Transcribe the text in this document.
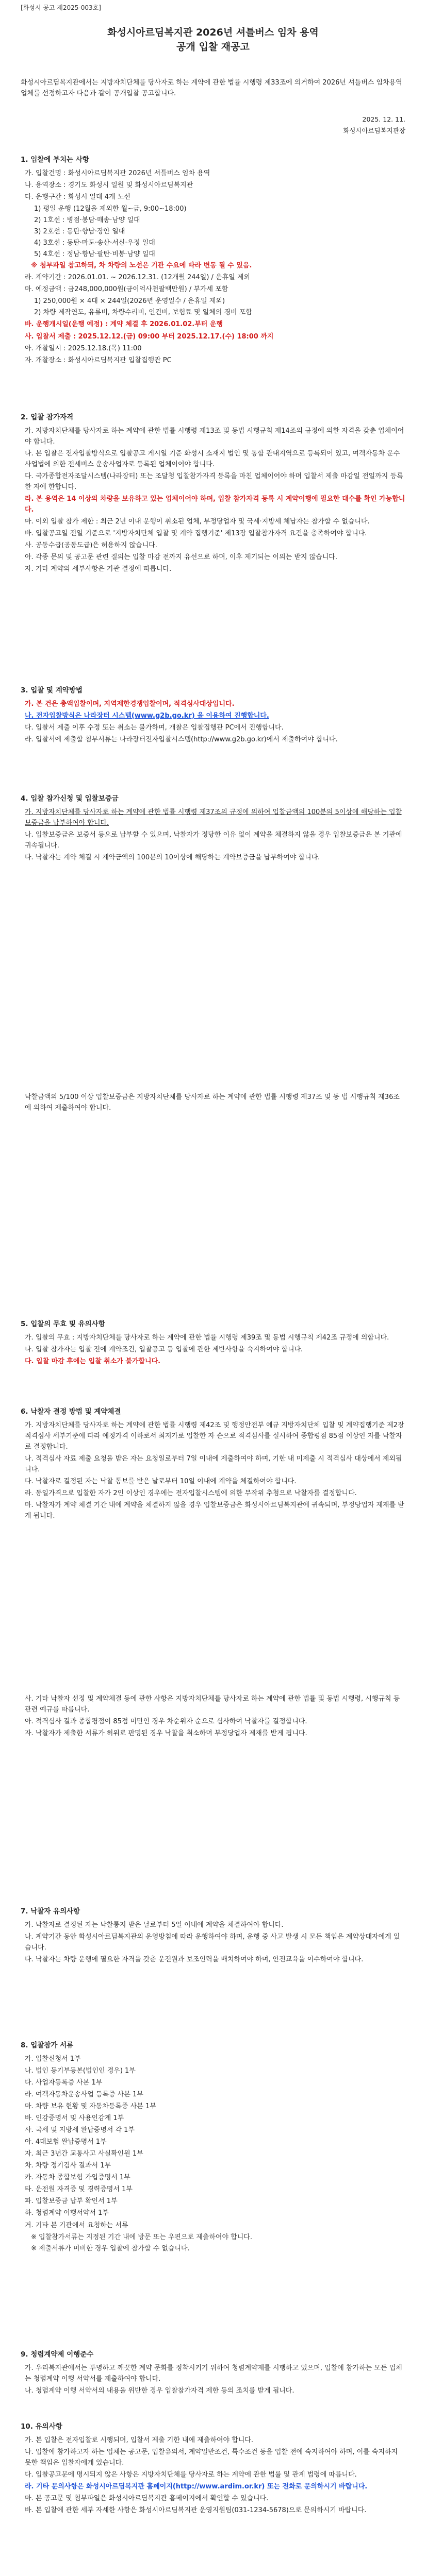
[화성시 공고 제2025-003호]

화성시아르딤복지관 2026년 셔틀버스 임차 용역

공개 입찰 재공고

화성시아르딤복지관에서는 지방자치단체를 당사자로 하는 계약에 관한 법률 시행령 제33조에 의거하여 2026년 셔틀버스 임차용역 업체를 선정하고자 다음과 같이 공개입찰 공고합니다.

2025. 12. 11.

화성시아르딤복지관장

1. 입찰에 부치는 사항

가. 입찰건명 : 화성시아르딤복지관 2026년 셔틀버스 임차 용역

나. 용역장소 : 경기도 화성시 일원 및 화성시아르딤복지관

다. 운행구간 : 화성시 일대 4개 노선

1) 평일 운행 (12월을 제외한 월~금, 9:00~18:00)

2) 1호선 : 병점·봉담·매송·남양 일대

3) 2호선 : 동탄·향남·장안 일대

4) 3호선 : 동탄·마도·송산·서신·우정 일대

5) 4호선 : 정남·향남·팔탄·비봉·남양 일대

※ 첨부파일 참고하되, 차 차량의 노선은 기관 수요에 따라 변동 될 수 있음.

라. 계약기간 : 2026.01.01. ~ 2026.12.31. (12개월 244일) / 운휴일 제외

마. 예정금액 : 금248,000,000원(금이억사천팔백만원) / 부가세 포함

1) 250,000원 × 4대 × 244일(2026년 운영일수 / 운휴일 제외)

2) 차량 제작연도, 유류비, 차량수리비, 인건비, 보험료 및 일체의 경비 포함

바. 운행개시일(운행 예정) : 계약 체결 후 2026.01.02.부터 운행

사. 입찰서 제출 : 2025.12.12.(금) 09:00 부터 2025.12.17.(수) 18:00 까지

아. 개찰일시 : 2025.12.18.(목) 11:00

자. 개찰장소 : 화성시아르딤복지관 입찰집행관 PC

2. 입찰 참가자격

가. 지방자치단체를 당사자로 하는 계약에 관한 법률 시행령 제13조 및 동법 시행규칙 제14조의 규정에 의한 자격을 갖춘 업체이어야 합니다.

나. 본 입찰은 전자입찰방식으로 입찰공고 게시일 기준 화성시 소재지 법인 및 통합 관내지역으로 등록되어 있고, 여객자동차 운수사업법에 의한 전세버스 운송사업자로 등록된 업체이어야 합니다.

다. 국가종합전자조달시스템(나라장터) 또는 조달청 입찰참가자격 등록을 마친 업체이어야 하며 입찰서 제출 마감일 전일까지 등록한 자에 한합니다.

라. 본 용역은 14 이상의 차량을 보유하고 있는 업체이어야 하며, 입찰 참가자격 등록 시 계약이행에 필요한 대수를 확인 가능합니다.

마. 이외 입찰 참가 제한 : 최근 2년 이내 운행이 취소된 업체, 부정당업자 및 국세·지방세 체납자는 참가할 수 없습니다.

바. 입찰공고일 전일 기준으로 '지방자치단체 입찰 및 계약 집행기준' 제13장 입찰참가자격 요건을 충족하여야 합니다.

사. 공동수급(공동도급)은 허용하지 않습니다.

아. 각종 문의 및 공고문 관련 질의는 입찰 마감 전까지 유선으로 하며, 이후 제기되는 이의는 받지 않습니다.

자. 기타 계약의 세부사항은 기관 결정에 따릅니다.

3. 입찰 및 계약방법

가. 본 건은 총액입찰이며, 지역제한경쟁입찰이며, 적격심사대상입니다.

나. 전자입찰방식은 나라장터 시스템(www.g2b.go.kr) 을 이용하여 진행합니다.

다. 입찰서 제출 이후 수정 또는 취소는 불가하며, 개찰은 입찰집행관 PC에서 진행합니다.

라. 입찰서에 제출할 첨부서류는 나라장터전자입찰시스템(http://www.g2b.go.kr)에서 제출하여야 합니다.

4. 입찰 참가신청 및 입찰보증금

가. 지방자치단체를 당사자로 하는 계약에 관한 법률 시행령 제37조의 규정에 의하여 입찰금액의 100분의 5이상에 해당하는 입찰보증금을 납부하여야 합니다.

나. 입찰보증금은 보증서 등으로 납부할 수 있으며, 낙찰자가 정당한 이유 없이 계약을 체결하지 않을 경우 입찰보증금은 본 기관에 귀속됩니다.

다. 낙찰자는 계약 체결 시 계약금액의 100분의 10이상에 해당하는 계약보증금을 납부하여야 합니다.

낙찰금액의 5/100 이상 입찰보증금은 지방자치단체를 당사자로 하는 계약에 관한 법률 시행령 제37조 및 동 법 시행규칙 제36조에 의하여 제출하여야 합니다.

5. 입찰의 무효 및 유의사항

가. 입찰의 무효 : 지방자치단체를 당사자로 하는 계약에 관한 법률 시행령 제39조 및 동법 시행규칙 제42조 규정에 의합니다.

나. 입찰 참가자는 입찰 전에 계약조건, 입찰공고 등 입찰에 관한 제반사항을 숙지하여야 합니다.

다. 입찰 마감 후에는 입찰 취소가 불가합니다.

6. 낙찰자 결정 방법 및 계약체결

가. 지방자치단체를 당사자로 하는 계약에 관한 법률 시행령 제42조 및 행정안전부 예규 지방자치단체 입찰 및 계약집행기준 제2장 적격심사 세부기준에 따라 예정가격 이하로서 최저가로 입찰한 자 순으로 적격심사를 실시하여 종합평점 85점 이상인 자를 낙찰자로 결정합니다.

나. 적격심사 자료 제출 요청을 받은 자는 요청일로부터 7일 이내에 제출하여야 하며, 기한 내 미제출 시 적격심사 대상에서 제외됩니다.

다. 낙찰자로 결정된 자는 낙찰 통보를 받은 날로부터 10일 이내에 계약을 체결하여야 합니다.

라. 동일가격으로 입찰한 자가 2인 이상인 경우에는 전자입찰시스템에 의한 무작위 추첨으로 낙찰자를 결정합니다.

마. 낙찰자가 계약 체결 기간 내에 계약을 체결하지 않을 경우 입찰보증금은 화성시아르딤복지관에 귀속되며, 부정당업자 제재를 받게 됩니다.

사. 기타 낙찰자 선정 및 계약체결 등에 관한 사항은 지방자치단체를 당사자로 하는 계약에 관한 법률 및 동법 시행령, 시행규칙 등 관련 예규를 따릅니다.

아. 적격심사 결과 종합평점이 85점 미만인 경우 차순위자 순으로 심사하여 낙찰자를 결정합니다.

자. 낙찰자가 제출한 서류가 허위로 판명된 경우 낙찰을 취소하며 부정당업자 제재를 받게 됩니다.

7. 낙찰자 유의사항

가. 낙찰자로 결정된 자는 낙찰통지 받은 날로부터 5일 이내에 계약을 체결하여야 합니다.

나. 계약기간 동안 화성시아르딤복지관의 운영방침에 따라 운행하여야 하며, 운행 중 사고 발생 시 모든 책임은 계약상대자에게 있습니다.

다. 낙찰자는 차량 운행에 필요한 자격을 갖춘 운전원과 보조인력을 배치하여야 하며, 안전교육을 이수하여야 합니다.

8. 입찰참가 서류

가. 입찰신청서 1부

나. 법인 등기부등본(법인인 경우) 1부

다. 사업자등록증 사본 1부

라. 여객자동차운송사업 등록증 사본 1부

마. 차량 보유 현황 및 자동차등록증 사본 1부

바. 인감증명서 및 사용인감계 1부

사. 국세 및 지방세 완납증명서 각 1부

아. 4대보험 완납증명서 1부

자. 최근 3년간 교통사고 사실확인원 1부

차. 차량 정기검사 결과서 1부

카. 자동차 종합보험 가입증명서 1부

타. 운전원 자격증 및 경력증명서 1부

파. 입찰보증금 납부 확인서 1부

하. 청렴계약 이행서약서 1부

거. 기타 본 기관에서 요청하는 서류

※ 입찰참가서류는 지정된 기간 내에 방문 또는 우편으로 제출하여야 합니다.

※ 제출서류가 미비한 경우 입찰에 참가할 수 없습니다.

9. 청렴계약제 이행준수

가. 우리복지관에서는 투명하고 깨끗한 계약 문화를 정착시키기 위하여 청렴계약제를 시행하고 있으며, 입찰에 참가하는 모든 업체는 청렴계약 이행 서약서를 제출하여야 합니다.

나. 청렴계약 이행 서약서의 내용을 위반한 경우 입찰참가자격 제한 등의 조치를 받게 됩니다.

10. 유의사항

가. 본 입찰은 전자입찰로 시행되며, 입찰서 제출 기한 내에 제출하여야 합니다.

나. 입찰에 참가하고자 하는 업체는 공고문, 입찰유의서, 계약일반조건, 특수조건 등을 입찰 전에 숙지하여야 하며, 이를 숙지하지 못한 책임은 입찰자에게 있습니다.

다. 입찰공고문에 명시되지 않은 사항은 지방자치단체를 당사자로 하는 계약에 관한 법률 및 관계 법령에 따릅니다.

라. 기타 문의사항은 화성시아르딤복지관 홈페이지(http://www.ardim.or.kr) 또는 전화로 문의하시기 바랍니다.

마. 본 공고문 및 첨부파일은 화성시아르딤복지관 홈페이지에서 확인할 수 있습니다.

바. 본 입찰에 관한 세부 자세한 사항은 화성시아르딤복지관 운영지원팀(031-1234-5678)으로 문의하시기 바랍니다.
